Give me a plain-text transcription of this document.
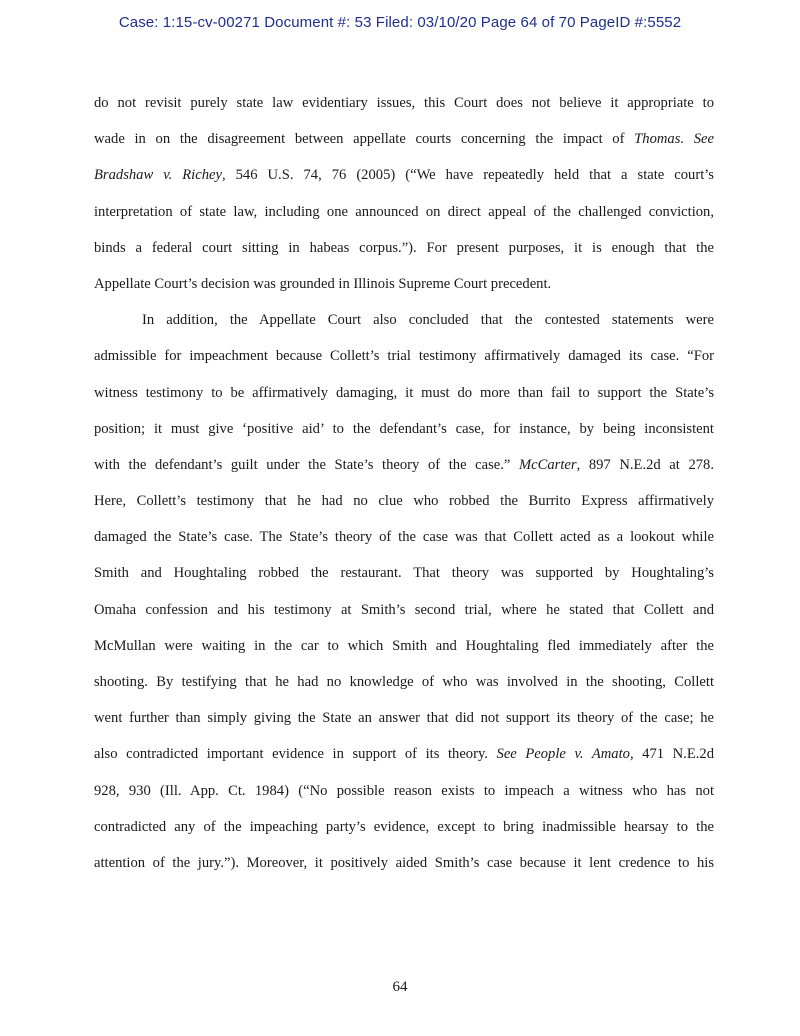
Case: 1:15-cv-00271 Document #: 53 Filed: 03/10/20 Page 64 of 70 PageID #:5552
do not revisit purely state law evidentiary issues, this Court does not believe it appropriate to
wade in on the disagreement between appellate courts concerning the impact of Thomas. See
Bradshaw v. Richey, 546 U.S. 74, 76 (2005) (“We have repeatedly held that a state court’s
interpretation of state law, including one announced on direct appeal of the challenged conviction,
binds a federal court sitting in habeas corpus.”). For present purposes, it is enough that the
Appellate Court’s decision was grounded in Illinois Supreme Court precedent.
In addition, the Appellate Court also concluded that the contested statements were
admissible for impeachment because Collett’s trial testimony affirmatively damaged its case. “For
witness testimony to be affirmatively damaging, it must do more than fail to support the State’s
position; it must give ‘positive aid’ to the defendant’s case, for instance, by being inconsistent
with the defendant’s guilt under the State’s theory of the case.” McCarter, 897 N.E.2d at 278.
Here, Collett’s testimony that he had no clue who robbed the Burrito Express affirmatively
damaged the State’s case. The State’s theory of the case was that Collett acted as a lookout while
Smith and Houghtaling robbed the restaurant. That theory was supported by Houghtaling’s
Omaha confession and his testimony at Smith’s second trial, where he stated that Collett and
McMullan were waiting in the car to which Smith and Houghtaling fled immediately after the
shooting. By testifying that he had no knowledge of who was involved in the shooting, Collett
went further than simply giving the State an answer that did not support its theory of the case; he
also contradicted important evidence in support of its theory. See People v. Amato, 471 N.E.2d
928, 930 (Ill. App. Ct. 1984) (“No possible reason exists to impeach a witness who has not
contradicted any of the impeaching party’s evidence, except to bring inadmissible hearsay to the
attention of the jury.”). Moreover, it positively aided Smith’s case because it lent credence to his
64
